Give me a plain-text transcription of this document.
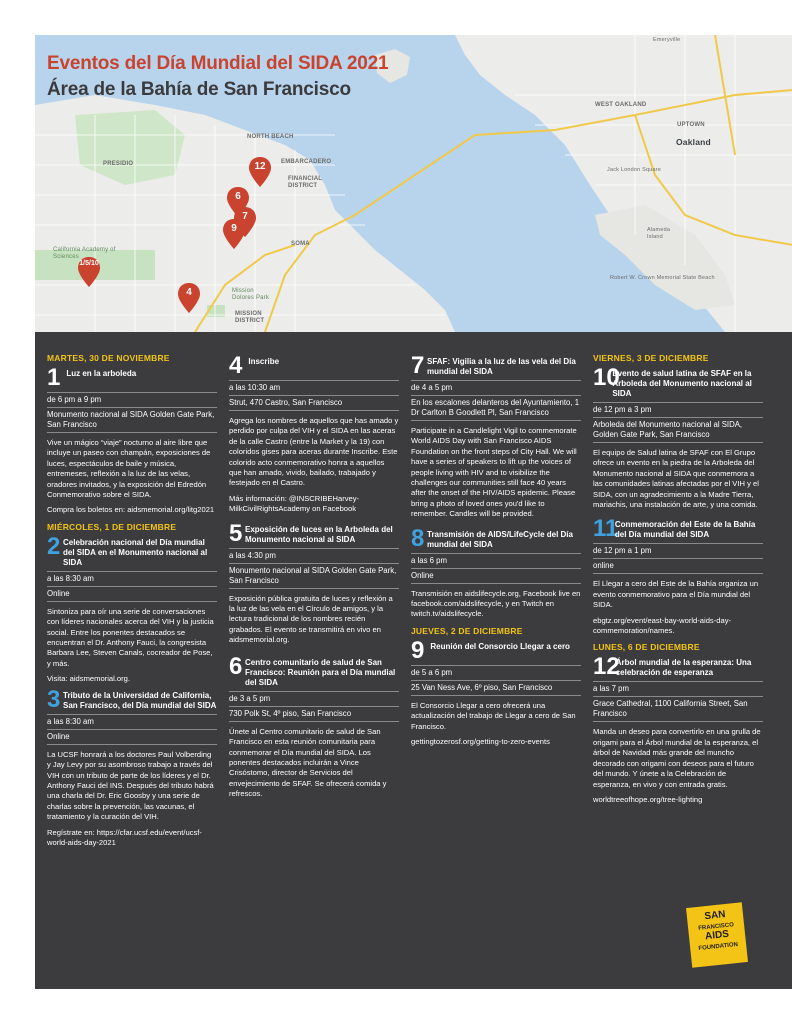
Eventos del Día Mundial del SIDA 2021
Área de la Bahía de San Francisco
Emeryville
NORTH BEACH
EMBARCADERO
FINANCIAL DISTRICT
PRESIDIO
SOMA
MISSION DISTRICT
Mission Dolores Park
California Academy of Sciences
WEST OAKLAND
Oakland
UPTOWN
Jack London Square
Alameda Island
Robert W. Crown Memorial State Beach
12
6
7
9
1/5/10
4
MARTES, 30 DE NOVIEMBRE
1 Luz en la arboleda
de 6 pm a 9 pm
Monumento nacional al SIDA Golden Gate Park, San Francisco
Vive un mágico “viaje” nocturno al aire libre que incluye un paseo con champán, exposiciones de luces, espectáculos de baile y música, entremeses, reflexión a la luz de las velas, oradores invitados, y la exposición del Edredón Conmemorativo sobre el SIDA.
Compra los boletos en: aidsmemorial.org/litg2021
MIÉRCOLES, 1 DE DICIEMBRE
2 Celebración nacional del Día mundial del SIDA en el Monumento nacional al SIDA
a las 8:30 am
Online
Sintoniza para oír una serie de conversaciones con líderes nacionales acerca del VIH y la justicia social. Entre los ponentes destacados se encuentran el Dr. Anthony Fauci, la congresista Barbara Lee, Steven Canals, cocreador de Pose, y más.
Visita: aidsmemorial.org.
3 Tributo de la Universidad de California, San Francisco, del Día mundial del SIDA
a las 8:30 am
Online
La UCSF honrará a los doctores Paul Volberding y Jay Levy por su asombroso trabajo a través del VIH con un tributo de parte de los líderes y el Dr. Anthony Fauci del INS. Después del tributo habrá una charla del Dr. Eric Goosby y una serie de charlas sobre la prevención, las vacunas, el tratamiento y la curación del VIH.
Regístrate en: https://cfar.ucsf.edu/event/ucsf-world-aids-day-2021
4 Inscribe
a las 10:30 am
Strut, 470 Castro, San Francisco
Agrega los nombres de aquellos que has amado y perdido por culpa del VIH y el SIDA en las aceras de la calle Castro (entre la Market y la 19) con coloridos gises para aceras durante Inscribe. Este colorido acto conmemorativo honra a aquellos que han amado, vivido, bailado, trabajado y festejado en el Castro.
Más información: @INSCRIBEHarvey-MilkCivilRightsAcademy on Facebook
5 Exposición de luces en la Arboleda del Monumento nacional al SIDA
a las 4:30 pm
Monumento nacional al SIDA Golden Gate Park, San Francisco
Exposición pública gratuita de luces y reflexión a la luz de las vela en el Círculo de amigos, y la lectura tradicional de los nombres recién grabados. El evento se transmitirá en vivo en aidsmemorial.org.
6 Centro comunitario de salud de San Francisco: Reunión para el Día mundial del SIDA
de 3 a 5 pm
730 Polk St, 4º piso, San Francisco
Únete al Centro comunitario de salud de San Francisco en esta reunión comunitaria para conmemorar el Día mundial del SIDA. Los ponentes destacados incluirán a Vince Crisóstomo, director de Servicios del envejecimiento de SFAF. Se ofrecerá comida y refrescos.
7 SFAF: Vigilia a la luz de las vela del Día mundial del SIDA
de 4 a 5 pm
En los escalones delanteros del Ayuntamiento, 1 Dr Carlton B Goodlett Pl, San Francisco
Participate in a Candlelight Vigil to commemorate World AIDS Day with San Francisco AIDS Foundation on the front steps of City Hall. We will have a series of speakers to lift up the voices of people living with HIV and to visibilize the challenges our communities still face 40 years after the onset of the HIV/AIDS epidemic. Please bring a photo of loved ones you'd like to remember. Candles will be provided.
8 Transmisión de AIDS/LifeCycle del Día mundial del SIDA
a las 6 pm
Online
Transmisión en aidslifecycle.org, Facebook live en facebook.com/aidslifecycle, y en Twitch en twitch.tv/aidslifecycle.
JUEVES, 2 DE DICIEMBRE
9 Reunión del Consorcio Llegar a cero
de 5 a 6 pm
25 Van Ness Ave, 6º piso, San Francisco
El Consorcio Llegar a cero ofrecerá una actualización del trabajo de Llegar a cero de San Francisco.
gettingtozerosf.org/getting-to-zero-events
VIERNES, 3 DE DICIEMBRE
10
Evento de salud latina de SFAF en la Arboleda del Monumento nacional al SIDA
de 12 pm a 3 pm
Arboleda del Monumento nacional al SIDA, Golden Gate Park, San Francisco
El equipo de Salud latina de SFAF con El Grupo ofrece un evento en la piedra de la Arboleda del Monumento nacional al SIDA que conmemora a las comunidades latinas afectadas por el VIH y el SIDA, con un agradecimiento a la Madre Tierra, mariachis, una instalación de arte, y una comida.
11
Conmemoración del Este de la Bahía del Día mundial del SIDA
de 12 pm a 1 pm
online
El Llegar a cero del Este de la Bahía organiza un evento conmemorativo para el Día mundial del SIDA.
ebgtz.org/event/east-bay-world-aids-day-commemoration/names.
LUNES, 6 DE DICIEMBRE
12
Árbol mundial de la esperanza: Una celebración de esperanza
a las 7 pm
Grace Cathedral, 1100 California Street, San Francisco
Manda un deseo para convertirlo en una grulla de origami para el Árbol mundial de la esperanza, el árbol de Navidad más grande del muncho decorado con origami con deseos para el futuro del mundo. Y únete a la Celebración de esperanza, en vivo y con entrada gratis.
worldtreeofhope.org/tree-lighting
SAN
FRANCISCO
AIDS
FOUNDATION
